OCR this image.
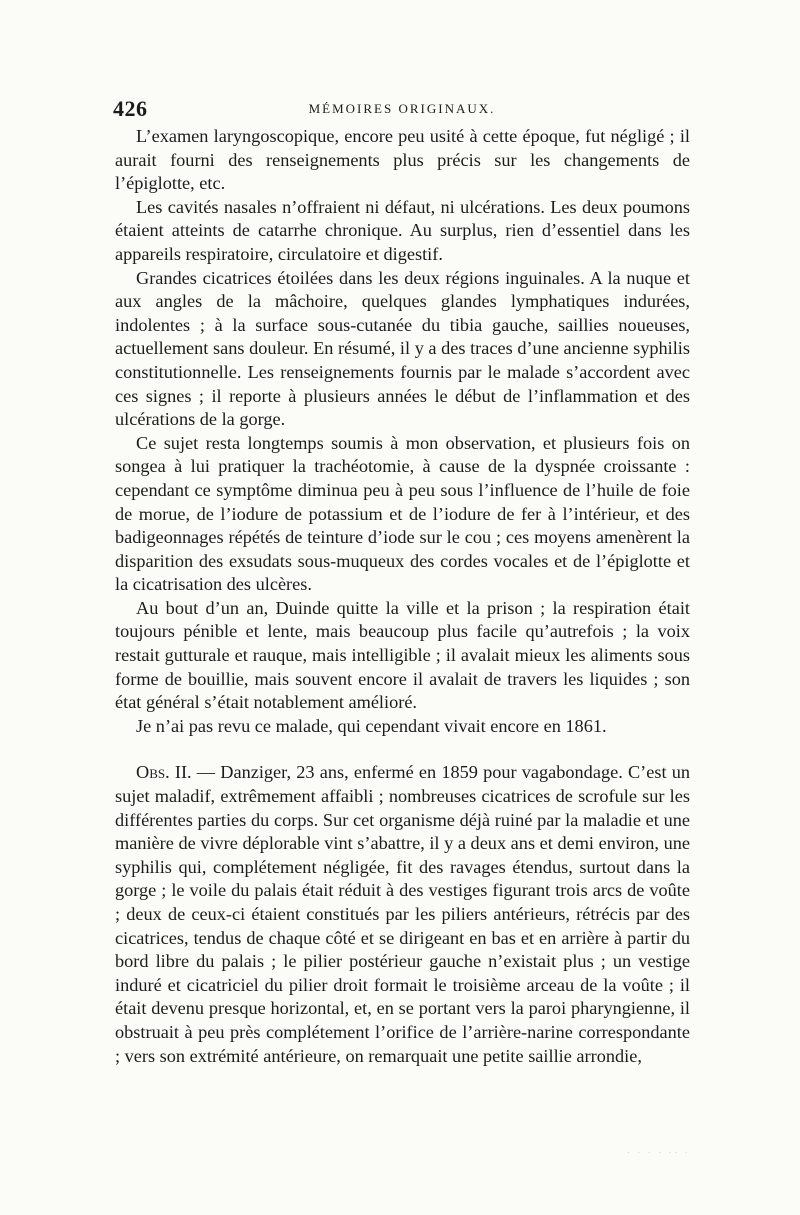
426	MÉMOIRES ORIGINAUX.

L’examen laryngoscopique, encore peu usité à cette époque, fut négligé ; il aurait fourni des renseignements plus précis sur les changements de l’épiglotte, etc.

Les cavités nasales n’offraient ni défaut, ni ulcérations. Les deux poumons étaient atteints de catarrhe chronique. Au surplus, rien d’essentiel dans les appareils respiratoire, circulatoire et digestif.

Grandes cicatrices étoilées dans les deux régions inguinales. A la nuque et aux angles de la mâchoire, quelques glandes lymphatiques indurées, indolentes ; à la surface sous-cutanée du tibia gauche, saillies noueuses, actuellement sans douleur. En résumé, il y a des traces d’une ancienne syphilis constitutionnelle. Les renseignements fournis par le malade s’accordent avec ces signes ; il reporte à plusieurs années le début de l’inflammation et des ulcérations de la gorge.

Ce sujet resta longtemps soumis à mon observation, et plusieurs fois on songea à lui pratiquer la trachéotomie, à cause de la dyspnée croissante : cependant ce symptôme diminua peu à peu sous l’influence de l’huile de foie de morue, de l’iodure de potassium et de l’iodure de fer à l’intérieur, et des badigeonnages répétés de teinture d’iode sur le cou ; ces moyens amenèrent la disparition des exsudats sous-muqueux des cordes vocales et de l’épiglotte et la cicatrisation des ulcères.

Au bout d’un an, Duinde quitte la ville et la prison ; la respiration était toujours pénible et lente, mais beaucoup plus facile qu’autrefois ; la voix restait gutturale et rauque, mais intelligible ; il avalait mieux les aliments sous forme de bouillie, mais souvent encore il avalait de travers les liquides ; son état général s’était notablement amélioré.

Je n’ai pas revu ce malade, qui cependant vivait encore en 1861.

Obs. II. — Danziger, 23 ans, enfermé en 1859 pour vagabondage. C’est un sujet maladif, extrêmement affaibli ; nombreuses cicatrices de scrofule sur les différentes parties du corps. Sur cet organisme déjà ruiné par la maladie et une manière de vivre déplorable vint s’abattre, il y a deux ans et demi environ, une syphilis qui, complétement négligée, fit des ravages étendus, surtout dans la gorge ; le voile du palais était réduit à des vestiges figurant trois arcs de voûte ; deux de ceux-ci étaient constitués par les piliers antérieurs, rétrécis par des cicatrices, tendus de chaque côté et se dirigeant en bas et en arrière à partir du bord libre du palais ; le pilier postérieur gauche n’existait plus ; un vestige induré et cicatriciel du pilier droit formait le troisième arceau de la voûte ; il était devenu presque horizontal, et, en se portant vers la paroi pharyngienne, il obstruait à peu près complétement l’orifice de l’arrière-narine correspondante ; vers son extrémité antérieure, on remarquait une petite saillie arrondie,

· · · · ·· ·
